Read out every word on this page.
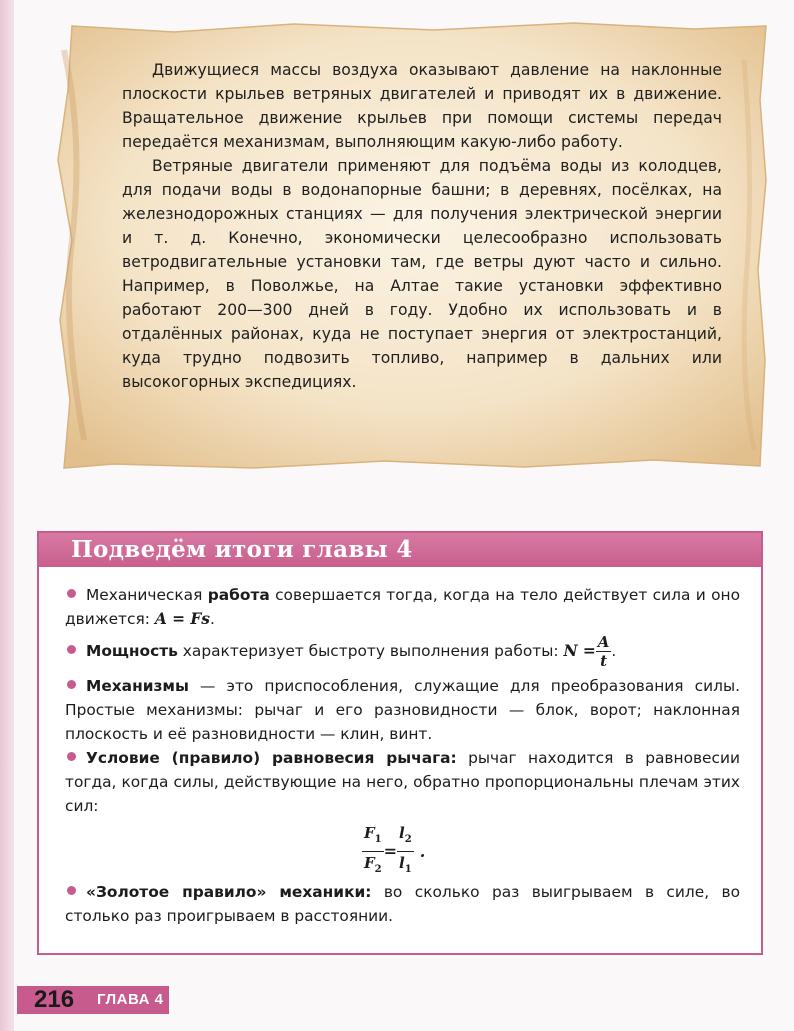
Движущиеся массы воздуха оказывают давление на наклонные плоскости крыльев ветряных двигателей и приводят их в движение. Вращательное движение крыльев при помощи системы передач передаётся механизмам, выполняющим какую-либо работу.

Ветряные двигатели применяют для подъёма воды из колодцев, для подачи воды в водонапорные башни; в деревнях, посёлках, на железнодорожных станциях — для получения электрической энергии и т. д. Конечно, экономически целесообразно использовать ветродвигательные установки там, где ветры дуют часто и сильно. Например, в Поволжье, на Алтае такие установки эффективно работают 200—300 дней в году. Удобно их использовать и в отдалённых районах, куда не поступает энергия от электростанций, куда трудно подвозить топливо, например в дальних или высокогорных экспедициях.

Подведём итоги главы 4
Механическая работа совершается тогда, когда на тело действует сила и оно движется: A = Fs.
Мощность характеризует быстроту выполнения работы: $N = \frac{A}{t}$ .
Механизмы — это приспособления, служащие для преобразования силы. Простые механизмы: рычаг и его разновидности — блок, ворот; наклонная плоскость и её разновидности — клин, винт.
Условие (правило) равновесия рычага: рычаг находится в равновесии тогда, когда силы, действующие на него, обратно пропорциональны плечам этих сил:
$\frac{F_1}{F_2} = \frac{l_2}{l_1}$ .
«Золотое правило» механики: во сколько раз выигрываем в силе, во столько раз проигрываем в расстоянии.
216 ГЛАВА 4
